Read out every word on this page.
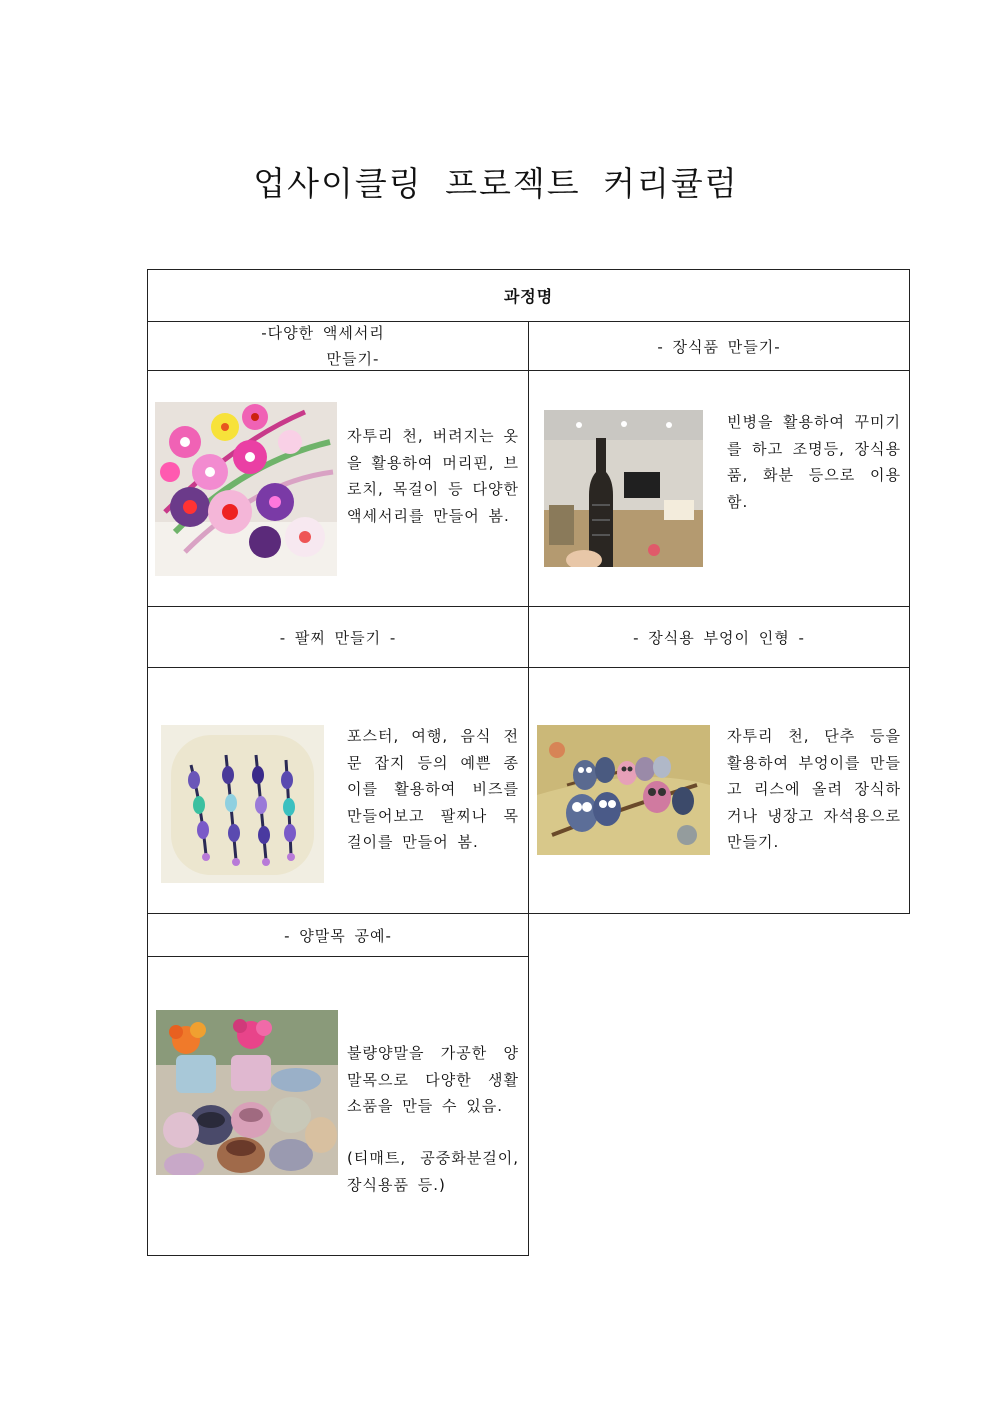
업사이클링 프로젝트 커리큘럼
과정명
-다양한 액세서리
만들기-
- 장식품 만들기-
자투리 천, 버려지는 옷을 활용하여 머리핀, 브로치, 목걸이 등 다양한 액세서리를 만들어 봄.
빈병을 활용하여 꾸미기를 하고 조명등, 장식용품, 화분 등으로 이용함.
- 팔찌 만들기 -	- 장식용 부엉이 인형 -
포스터, 여행, 음식 전문 잡지 등의 예쁜 종이를 활용하여 비즈를 만들어보고 팔찌나 목걸이를 만들어 봄.
자투리 천, 단추 등을 활용하여 부엉이를 만들고 리스에 올려 장식하거나 냉장고 자석용으로 만들기.
- 양말목 공예-
불량양말을 가공한 양말목으로 다양한 생활소품을 만들 수 있음.
(티매트, 공중화분걸이, 장식용품 등.)
